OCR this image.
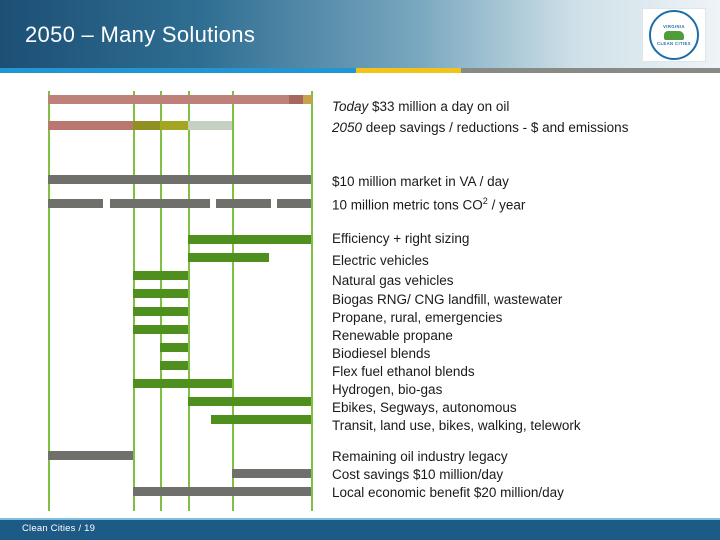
2050 – Many Solutions	VIRGINIA
CLEAN CITIES
Today $33 million a day on oil
2050 deep savings / reductions - $ and emissions
$10 million market in VA / day
10 million metric tons $CO^2$ / year
Efficiency + right sizing
Electric vehicles
Natural gas vehicles
Biogas RNG/ CNG landfill, wastewater
Propane, rural, emergencies
Renewable propane
Biodiesel blends
Flex fuel ethanol blends
Hydrogen, bio-gas
Ebikes, Segways, autonomous
Transit, land use, bikes, walking, telework
Remaining oil industry legacy
Cost savings $10 million/day
Local economic benefit $20 million/day
Clean Cities / 19
